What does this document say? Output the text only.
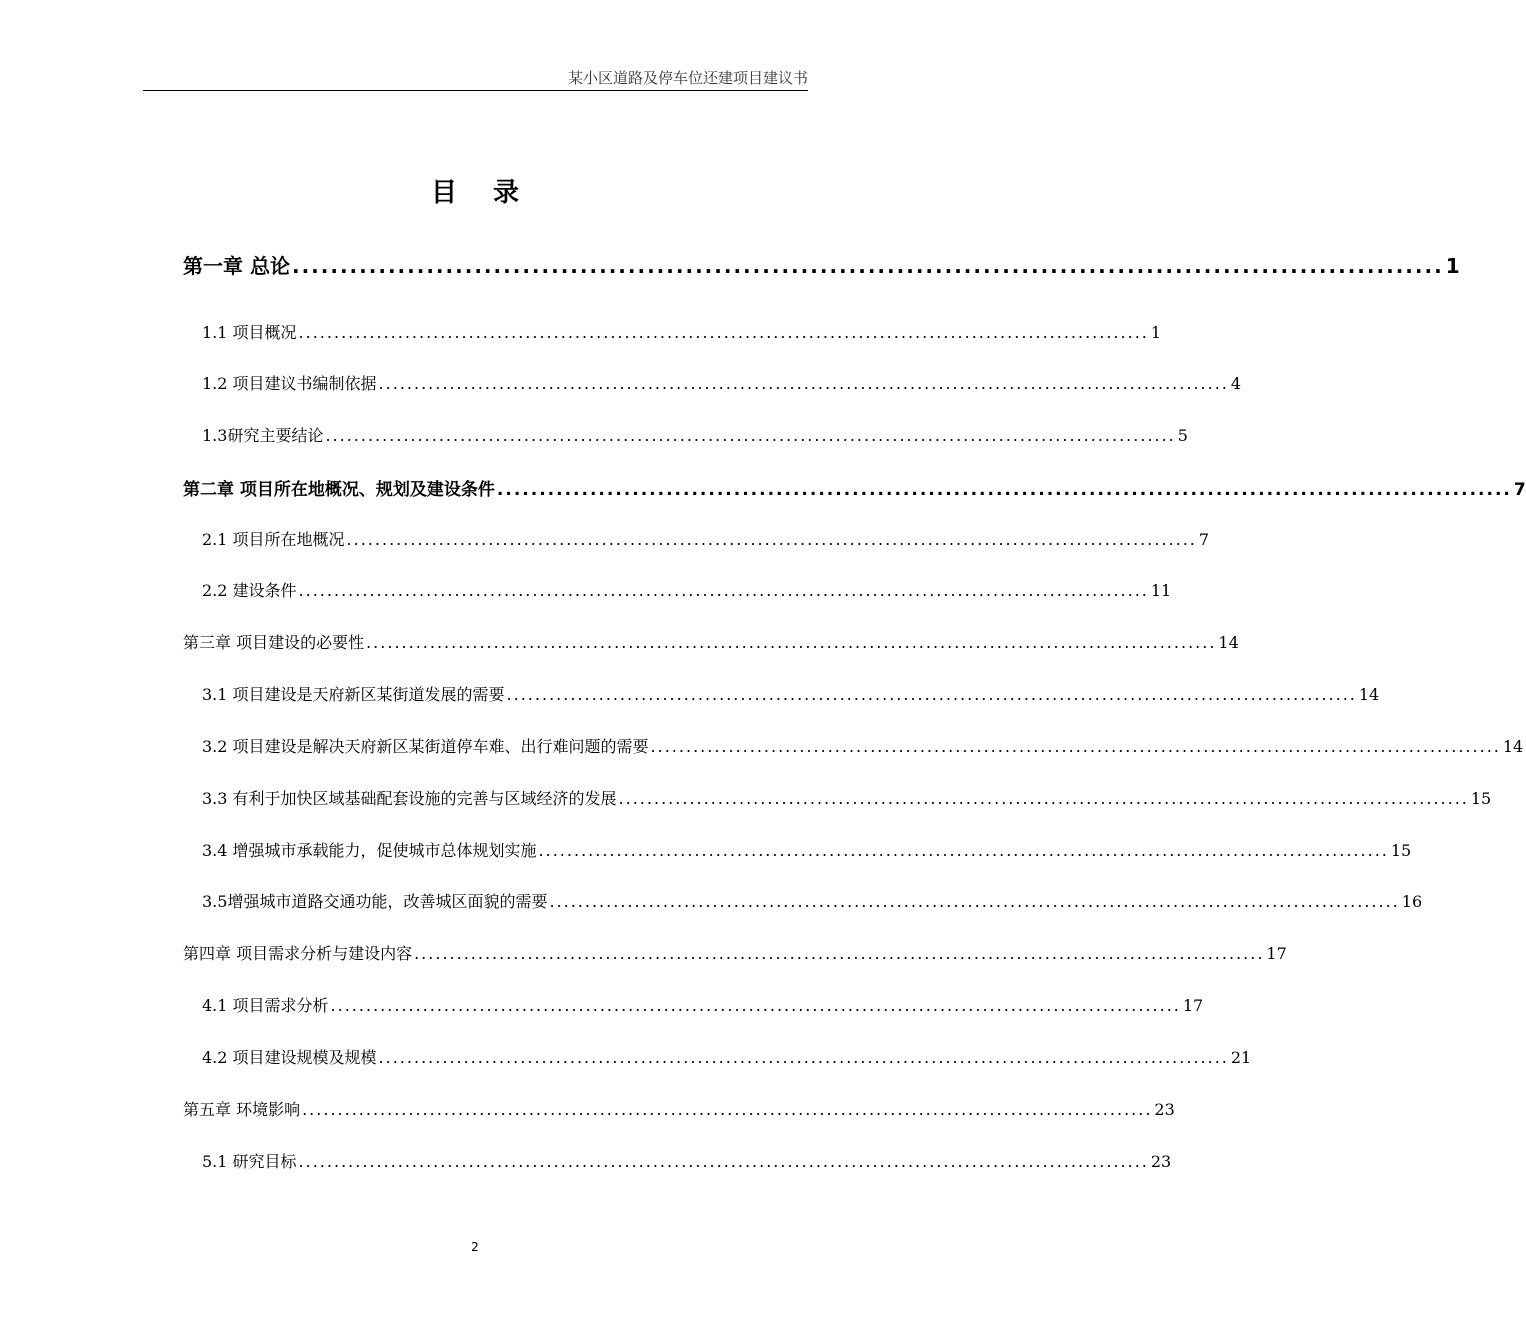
某小区道路及停车位还建项目建议书
目录
第一章 总论 ........................................................................................................................ 1
1.1 项目概况 ........................................................................................................................ 1
1.2 项目建议书编制依据 ........................................................................................................................ 4
1.3研究主要结论 ........................................................................................................................ 5
第二章 项目所在地概况、规划及建设条件 ........................................................................................................................ 7
2.1 项目所在地概况 ........................................................................................................................ 7
2.2 建设条件 ........................................................................................................................ 11
第三章 项目建设的必要性 ........................................................................................................................ 14
3.1 项目建设是天府新区某街道发展的需要 ........................................................................................................................ 14
3.2 项目建设是解决天府新区某街道停车难、出行难问题的需要 ........................................................................................................................ 14
3.3 有利于加快区域基础配套设施的完善与区域经济的发展 ........................................................................................................................ 15
3.4 增强城市承载能力，促使城市总体规划实施 ........................................................................................................................ 15
3.5增强城市道路交通功能，改善城区面貌的需要 ........................................................................................................................ 16
第四章 项目需求分析与建设内容 ........................................................................................................................ 17
4.1 项目需求分析 ........................................................................................................................ 17
4.2 项目建设规模及规模 ........................................................................................................................ 21
第五章 环境影响 ........................................................................................................................ 23
5.1 研究目标 ........................................................................................................................ 23
2
